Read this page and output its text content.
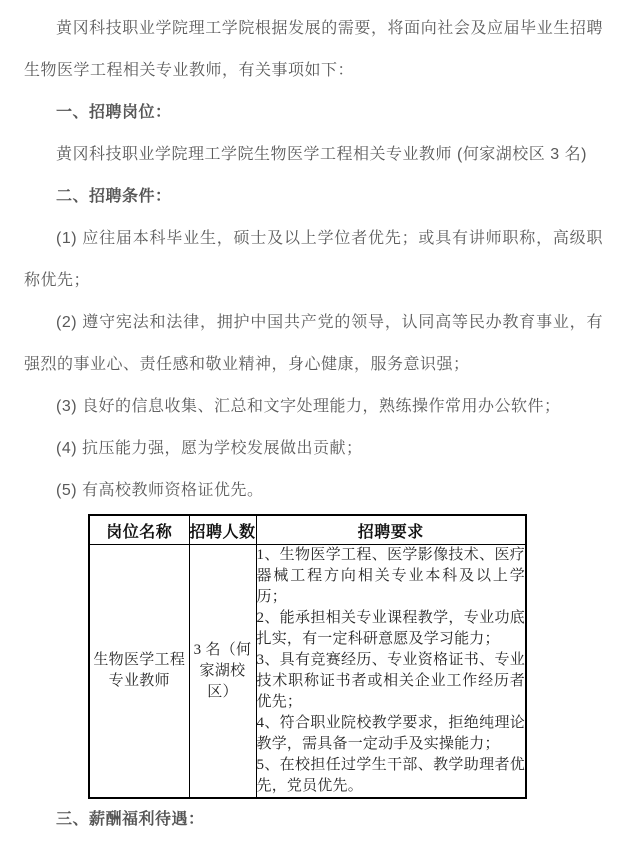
黄冈科技职业学院理工学院根据发展的需要，将面向社会及应届毕业生招聘生物医学工程相关专业教师，有关事项如下：

一、招聘岗位：

黄冈科技职业学院理工学院生物医学工程相关专业教师 (何家湖校区 3 名)

二、招聘条件：

(1) 应往届本科毕业生，硕士及以上学位者优先；或具有讲师职称，高级职称优先；

(2) 遵守宪法和法律，拥护中国共产党的领导，认同高等民办教育事业，有强烈的事业心、责任感和敬业精神，身心健康，服务意识强；

(3) 良好的信息收集、汇总和文字处理能力，熟练操作常用办公软件；

(4) 抗压能力强，愿为学校发展做出贡献；

(5) 有高校教师资格证优先。

岗位名称	招聘人数	招聘要求
生物医学工程专业教师	3 名（何家湖校区）	1、生物医学工程、医学影像技术、医疗器械工程方向相关专业本科及以上学历；

2、能承担相关专业课程教学，专业功底扎实，有一定科研意愿及学习能力；

3、具有竞赛经历、专业资格证书、专业技术职称证书者或相关企业工作经历者优先；

4、符合职业院校教学要求，拒绝纯理论教学，需具备一定动手及实操能力；

5、在校担任过学生干部、教学助理者优先，党员优先。

三、薪酬福利待遇：
